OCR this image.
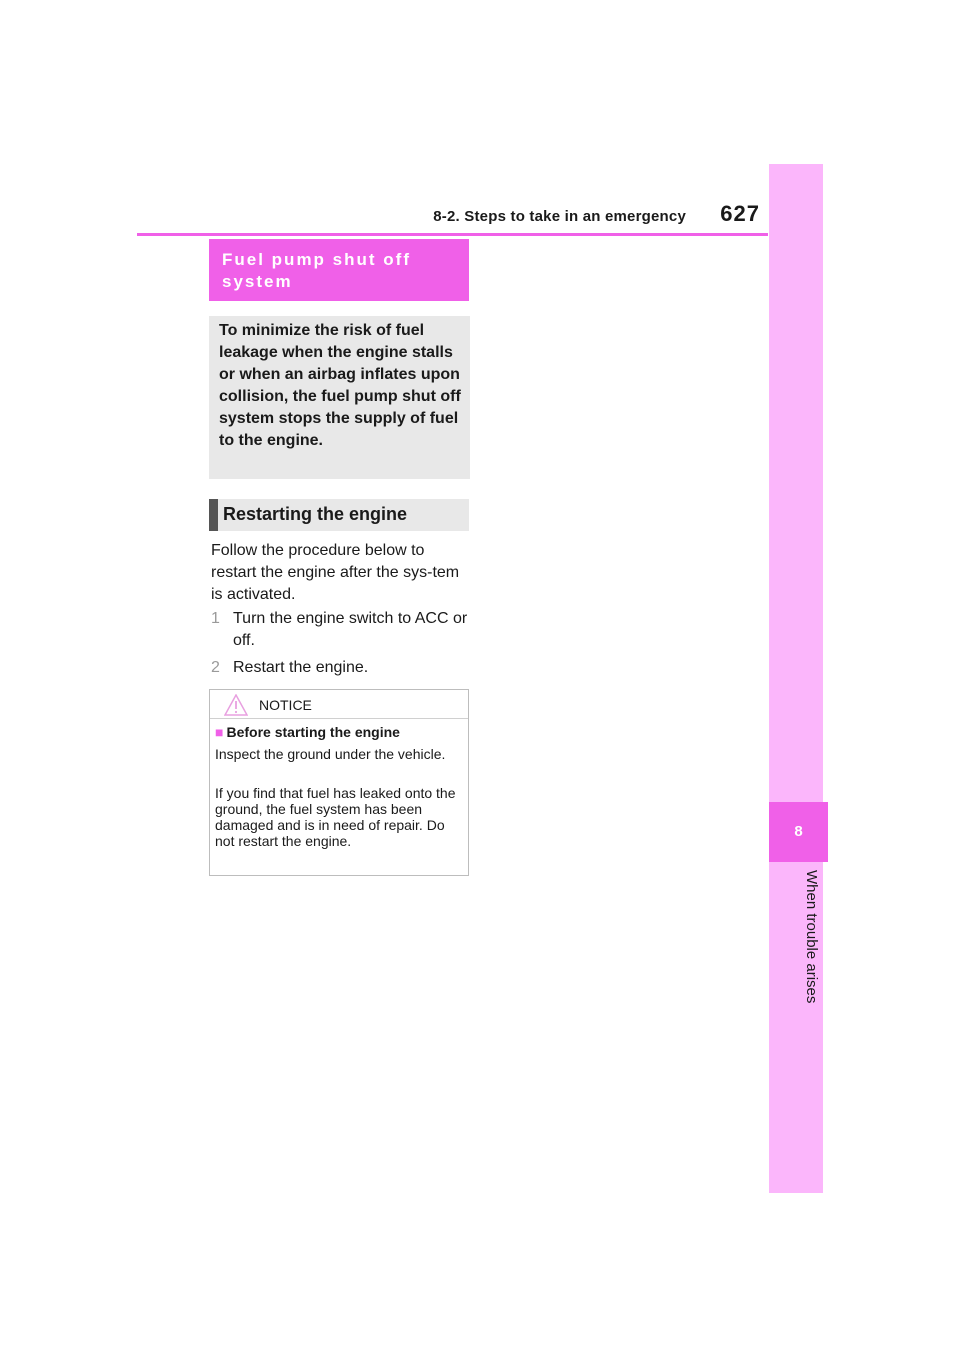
8-2. Steps to take in an emergency	627
8
When trouble arises
Fuel pump shut off system
To minimize the risk of fuel leakage when the engine stalls or when an airbag inflates upon collision, the fuel pump shut off system stops the supply of fuel to the engine.
Restarting the engine
Follow the procedure below to restart the engine after the sys-tem is activated.
1 Turn the engine switch to ACC or off.
2 Restart the engine.
NOTICE
■ Before starting the engine
Inspect the ground under the vehicle.
If you find that fuel has leaked onto the ground, the fuel system has been damaged and is in need of repair. Do not restart the engine.
